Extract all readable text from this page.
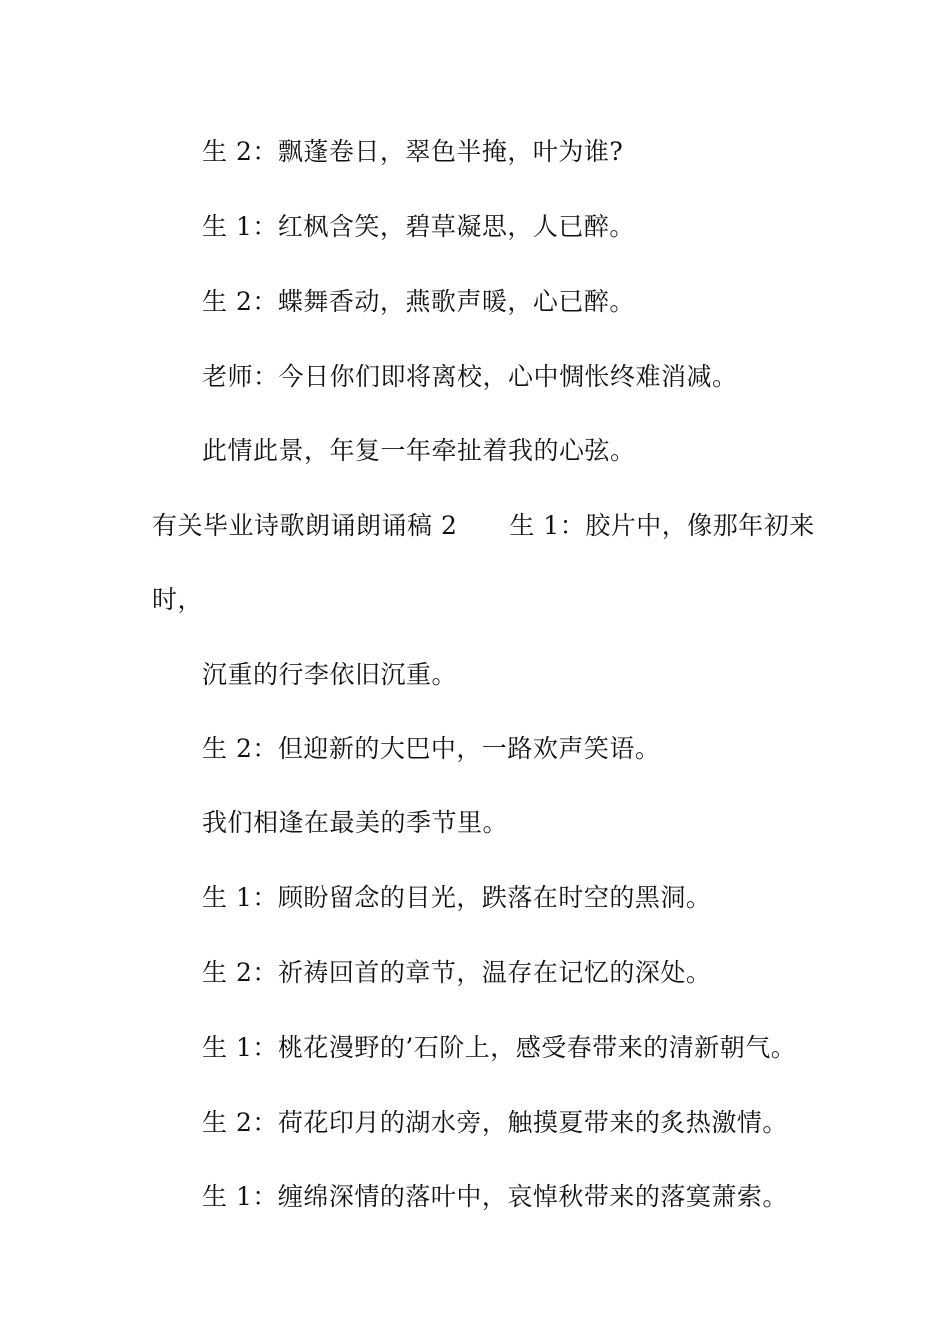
生 2：飘蓬卷日，翠色半掩，叶为谁?
生 1：红枫含笑，碧草凝思，人已醉。
生 2：蝶舞香动，燕歌声暖，心已醉。
老师：今日你们即将离校，心中惆怅终难消减。
此情此景，年复一年牵扯着我的心弦。
有关毕业诗歌朗诵朗诵稿 2 生 1：胶片中，像那年初来
时，
沉重的行李依旧沉重。
生 2：但迎新的大巴中，一路欢声笑语。
我们相逢在最美的季节里。
生 1：顾盼留念的目光，跌落在时空的黑洞。
生 2：祈祷回首的章节，温存在记忆的深处。
生 1：桃花漫野的’石阶上，感受春带来的清新朝气。
生 2：荷花印月的湖水旁，触摸夏带来的炙热激情。
生 1：缠绵深情的落叶中，哀悼秋带来的落寞萧索。
